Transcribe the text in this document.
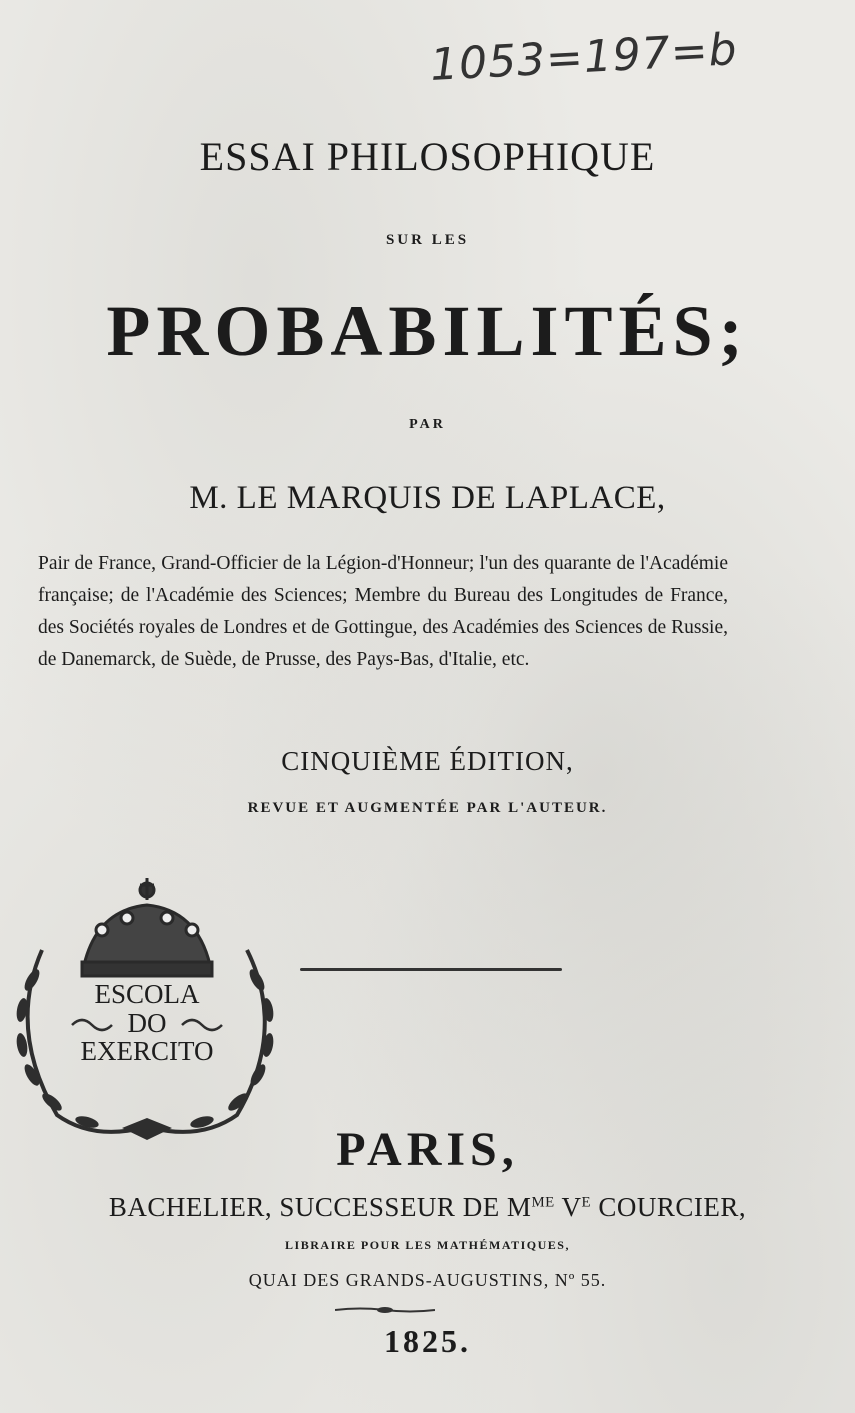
1053=197=b
ESSAI PHILOSOPHIQUE
SUR LES
PROBABILITÉS;
PAR
M. LE MARQUIS DE LAPLACE,
Pair de France, Grand-Officier de la Légion-d'Honneur; l'un des quarante de l'Académie française; de l'Académie des Sciences; Membre du Bureau des Longitudes de France, des Sociétés royales de Londres et de Gottingue, des Académies des Sciences de Russie, de Danemarck, de Suède, de Prusse, des Pays-Bas, d'Italie, etc.
CINQUIÈME ÉDITION,
REVUE ET AUGMENTÉE PAR L'AUTEUR.
ESCOLA
DO
EXERCITO
PARIS,
BACHELIER, SUCCESSEUR DE $M^{ME}$ $V^E$ COURCIER,
LIBRAIRE POUR LES MATHÉMATIQUES,
QUAI DES GRANDS-AUGUSTINS, Nº 55.
1825.
